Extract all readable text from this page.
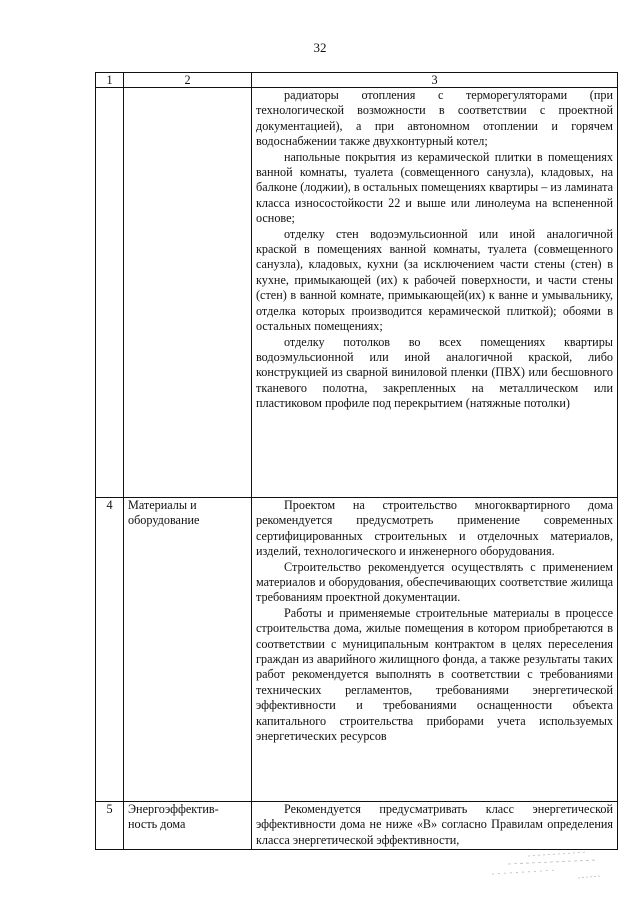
32
1	2	3

		радиаторы отопления с терморегуляторами (при технологической возможности в соответствии с проектной документацией), а при автономном отоплении и горячем водоснабжении также двухконтурный котел;

напольные покрытия из керамической плитки в помещениях ванной комнаты, туалета (совмещенного санузла), кладовых, на балконе (лоджии), в остальных помещениях квартиры – из ламината класса износостойкости 22 и выше или линолеума на вспененной основе;

отделку стен водоэмульсионной или иной аналогичной краской в помещениях ванной комнаты, туалета (совмещенного санузла), кладовых, кухни (за исключением части стены (стен) в кухне, примыкающей (их) к рабочей поверхности, и части стены (стен) в ванной комнате, примыкающей(их) к ванне и умывальнику, отделка которых производится керамической плиткой); обоями в остальных помещениях;

отделку потолков во всех помещениях квартиры водоэмульсионной или иной аналогичной краской, либо конструкцией из сварной виниловой пленки (ПВХ) или бесшовного тканевого полотна, закрепленных на металлическом или пластиковом профиле под перекрытием (натяжные потолки)

4	Материалы и оборудование	Проектом на строительство многоквартирного дома рекомендуется предусмотреть применение современных сертифицированных строительных и отделочных материалов, изделий, технологического и инженерного оборудования.

Строительство рекомендуется осуществлять с применением материалов и оборудования, обеспечивающих соответствие жилища требованиям проектной документации.

Работы и применяемые строительные материалы в процессе строительства дома, жилые помещения в котором приобретаются в соответствии с муниципальным контрактом в целях переселения граждан из аварийного жилищного фонда, а также результаты таких работ рекомендуется выполнять в соответствии с требованиями технических регламентов, требованиями энергетической эффективности и требованиями оснащенности объекта капитального строительства приборами учета используемых энергетических ресурсов

5	Энергоэффектив-ность дома	Рекомендуется предусматривать класс энергетической эффективности дома не ниже «B» согласно Правилам определения класса энергетической эффективности,
